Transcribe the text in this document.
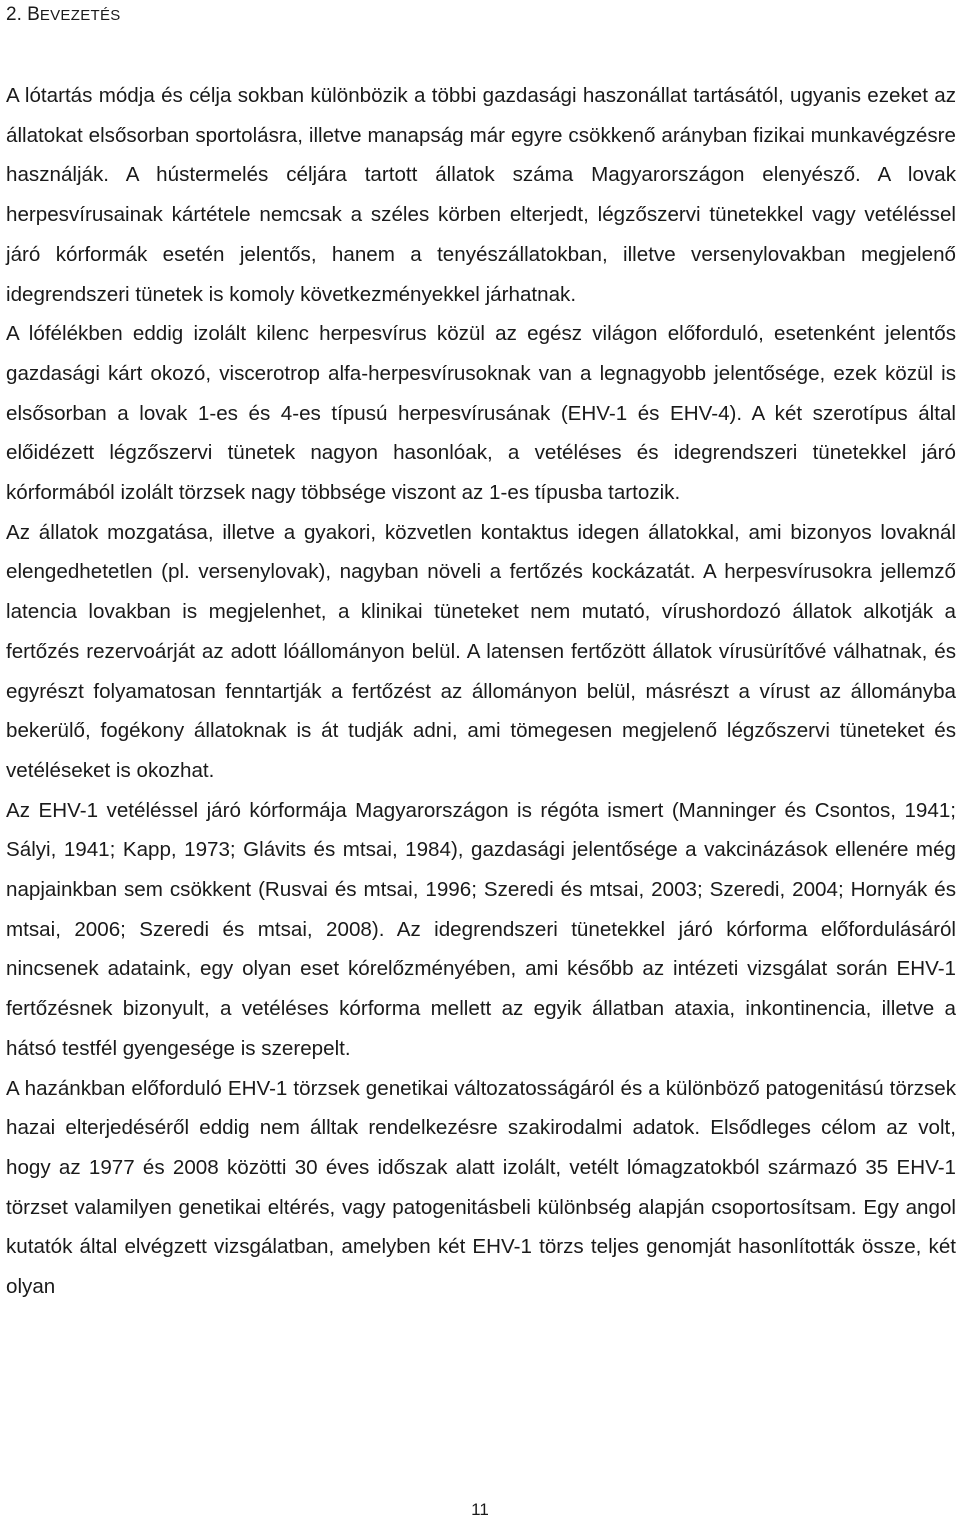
2. BEVEZETÉS

A lótartás módja és célja sokban különbözik a többi gazdasági haszonállat tartásától, ugyanis ezeket az állatokat elsősorban sportolásra, illetve manapság már egyre csökkenő arányban fizikai munkavégzésre használják. A hústermelés céljára tartott állatok száma Magyarországon elenyésző. A lovak herpesvírusainak kártétele nemcsak a széles körben elterjedt, légzőszervi tünetekkel vagy vetéléssel járó kórformák esetén jelentős, hanem a tenyészállatokban, illetve versenylovakban megjelenő idegrendszeri tünetek is komoly következményekkel járhatnak.

A lófélékben eddig izolált kilenc herpesvírus közül az egész világon előforduló, esetenként jelentős gazdasági kárt okozó, viscerotrop alfa-herpesvírusoknak van a legnagyobb jelentősége, ezek közül is elsősorban a lovak 1-es és 4-es típusú herpesvírusának (EHV-1 és EHV-4). A két szerotípus által előidézett légzőszervi tünetek nagyon hasonlóak, a vetéléses és idegrendszeri tünetekkel járó kórformából izolált törzsek nagy többsége viszont az 1-es típusba tartozik.

Az állatok mozgatása, illetve a gyakori, közvetlen kontaktus idegen állatokkal, ami bizonyos lovaknál elengedhetetlen (pl. versenylovak), nagyban növeli a fertőzés kockázatát. A herpesvírusokra jellemző latencia lovakban is megjelenhet, a klinikai tüneteket nem mutató, vírushordozó állatok alkotják a fertőzés rezervoárját az adott lóállományon belül. A latensen fertőzött állatok vírusürítővé válhatnak, és egyrészt folyamatosan fenntartják a fertőzést az állományon belül, másrészt a vírust az állományba bekerülő, fogékony állatoknak is át tudják adni, ami tömegesen megjelenő légzőszervi tüneteket és vetéléseket is okozhat.

Az EHV-1 vetéléssel járó kórformája Magyarországon is régóta ismert (Manninger és Csontos, 1941; Sályi, 1941; Kapp, 1973; Glávits és mtsai, 1984), gazdasági jelentősége a vakcinázások ellenére még napjainkban sem csökkent (Rusvai és mtsai, 1996; Szeredi és mtsai, 2003; Szeredi, 2004; Hornyák és mtsai, 2006; Szeredi és mtsai, 2008). Az idegrendszeri tünetekkel járó kórforma előfordulásáról nincsenek adataink, egy olyan eset kórelőzményében, ami később az intézeti vizsgálat során EHV-1 fertőzésnek bizonyult, a vetéléses kórforma mellett az egyik állatban ataxia, inkontinencia, illetve a hátsó testfél gyengesége is szerepelt.

A hazánkban előforduló EHV-1 törzsek genetikai változatosságáról és a különböző patogenitású törzsek hazai elterjedéséről eddig nem álltak rendelkezésre szakirodalmi adatok. Elsődleges célom az volt, hogy az 1977 és 2008 közötti 30 éves időszak alatt izolált, vetélt lómagzatokból származó 35 EHV-1 törzset valamilyen genetikai eltérés, vagy patogenitásbeli különbség alapján csoportosítsam. Egy angol kutatók által elvégzett vizsgálatban, amelyben két EHV-1 törzs teljes genomját hasonlították össze, két olyan

11
